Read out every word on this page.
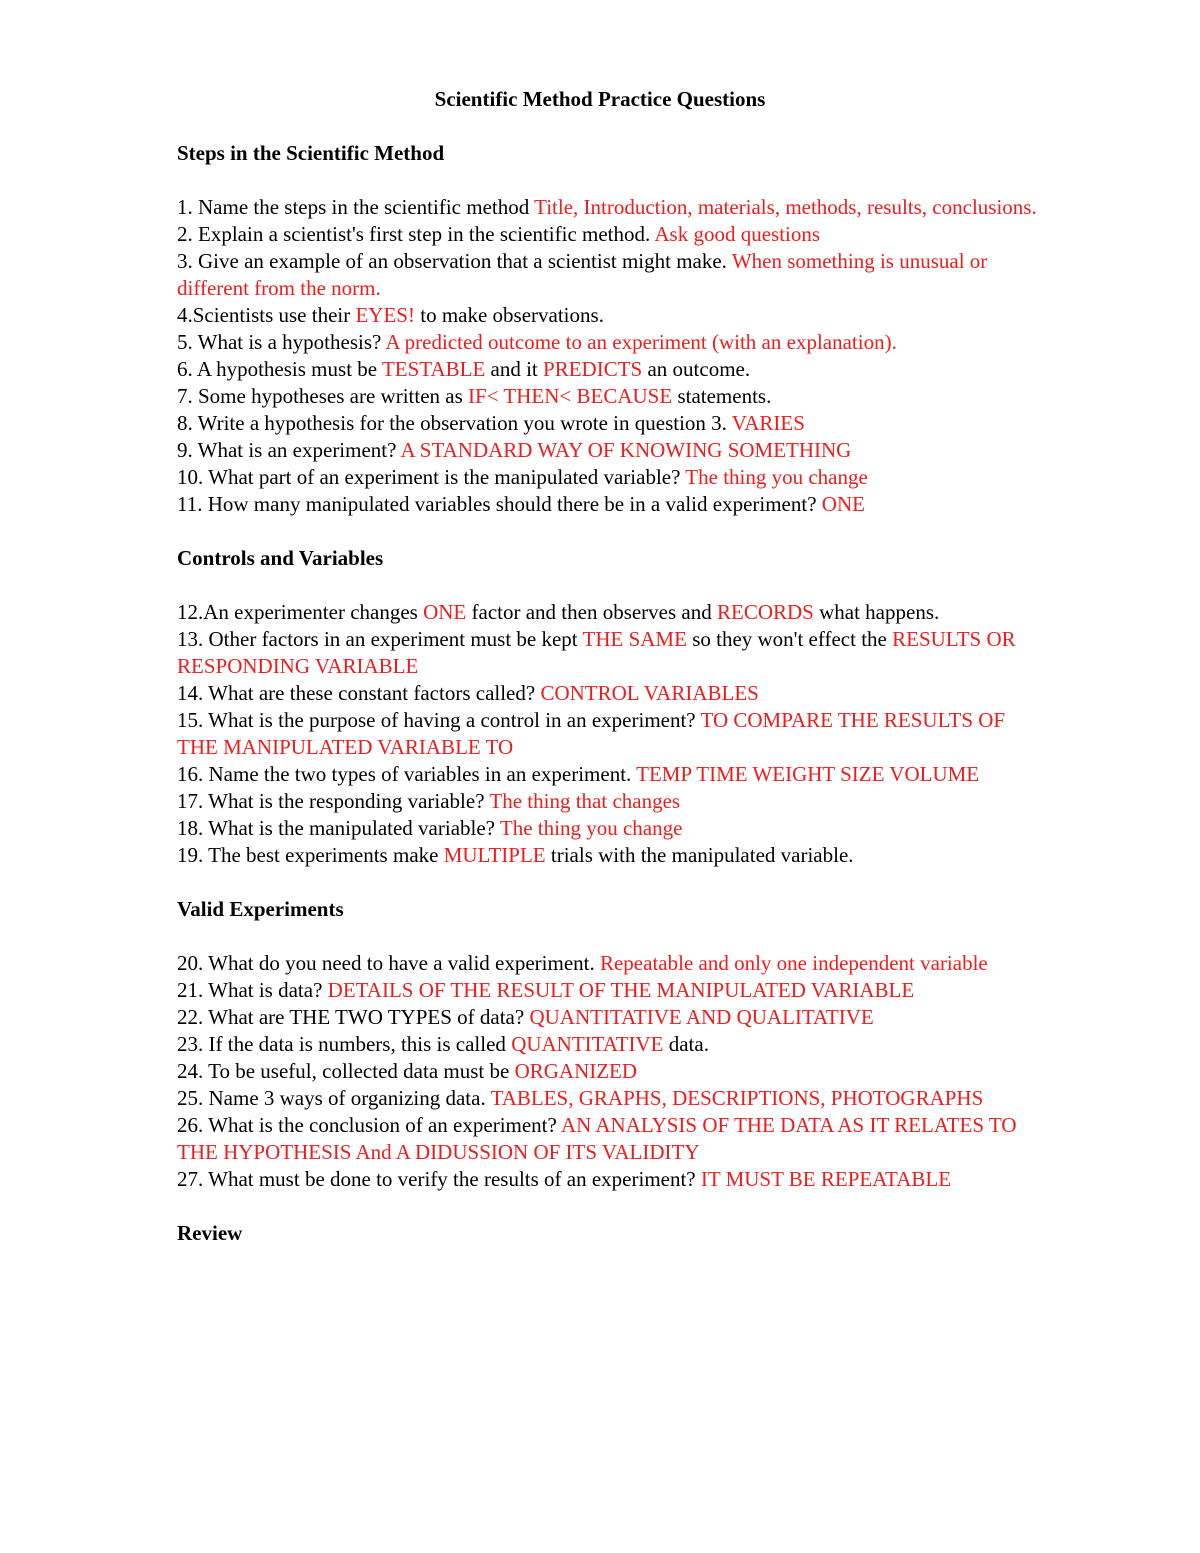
Scientific Method Practice Questions
Steps in the Scientific Method
1. Name the steps in the scientific method Title, Introduction, materials, methods, results, conclusions.
2. Explain a scientist's first step in the scientific method. Ask good questions
3. Give an example of an observation that a scientist might make. When something is unusual or different from the norm.
4.Scientists use their EYES! to make observations.
5. What is a hypothesis? A predicted outcome to an experiment (with an explanation).
6. A hypothesis must be TESTABLE and it PREDICTS an outcome.
7. Some hypotheses are written as IF< THEN< BECAUSE statements.
8. Write a hypothesis for the observation you wrote in question 3. VARIES
9. What is an experiment? A STANDARD WAY OF KNOWING SOMETHING
10. What part of an experiment is the manipulated variable? The thing you change
11. How many manipulated variables should there be in a valid experiment? ONE
Controls and Variables
12.An experimenter changes ONE factor and then observes and RECORDS what happens.
13. Other factors in an experiment must be kept THE SAME so they won't effect the RESULTS OR RESPONDING VARIABLE
14. What are these constant factors called? CONTROL VARIABLES
15. What is the purpose of having a control in an experiment? TO COMPARE THE RESULTS OF THE MANIPULATED VARIABLE TO
16. Name the two types of variables in an experiment. TEMP TIME WEIGHT SIZE VOLUME
17. What is the responding variable? The thing that changes
18. What is the manipulated variable? The thing you change
19. The best experiments make MULTIPLE trials with the manipulated variable.
Valid Experiments
20. What do you need to have a valid experiment. Repeatable and only one independent variable
21. What is data? DETAILS OF THE RESULT OF THE MANIPULATED VARIABLE
22. What are THE TWO TYPES of data? QUANTITATIVE AND QUALITATIVE
23. If the data is numbers, this is called QUANTITATIVE data.
24. To be useful, collected data must be ORGANIZED
25. Name 3 ways of organizing data. TABLES, GRAPHS, DESCRIPTIONS, PHOTOGRAPHS
26. What is the conclusion of an experiment? AN ANALYSIS OF THE DATA AS IT RELATES TO THE HYPOTHESIS And A DIDUSSION OF ITS VALIDITY
27. What must be done to verify the results of an experiment? IT MUST BE REPEATABLE
Review
